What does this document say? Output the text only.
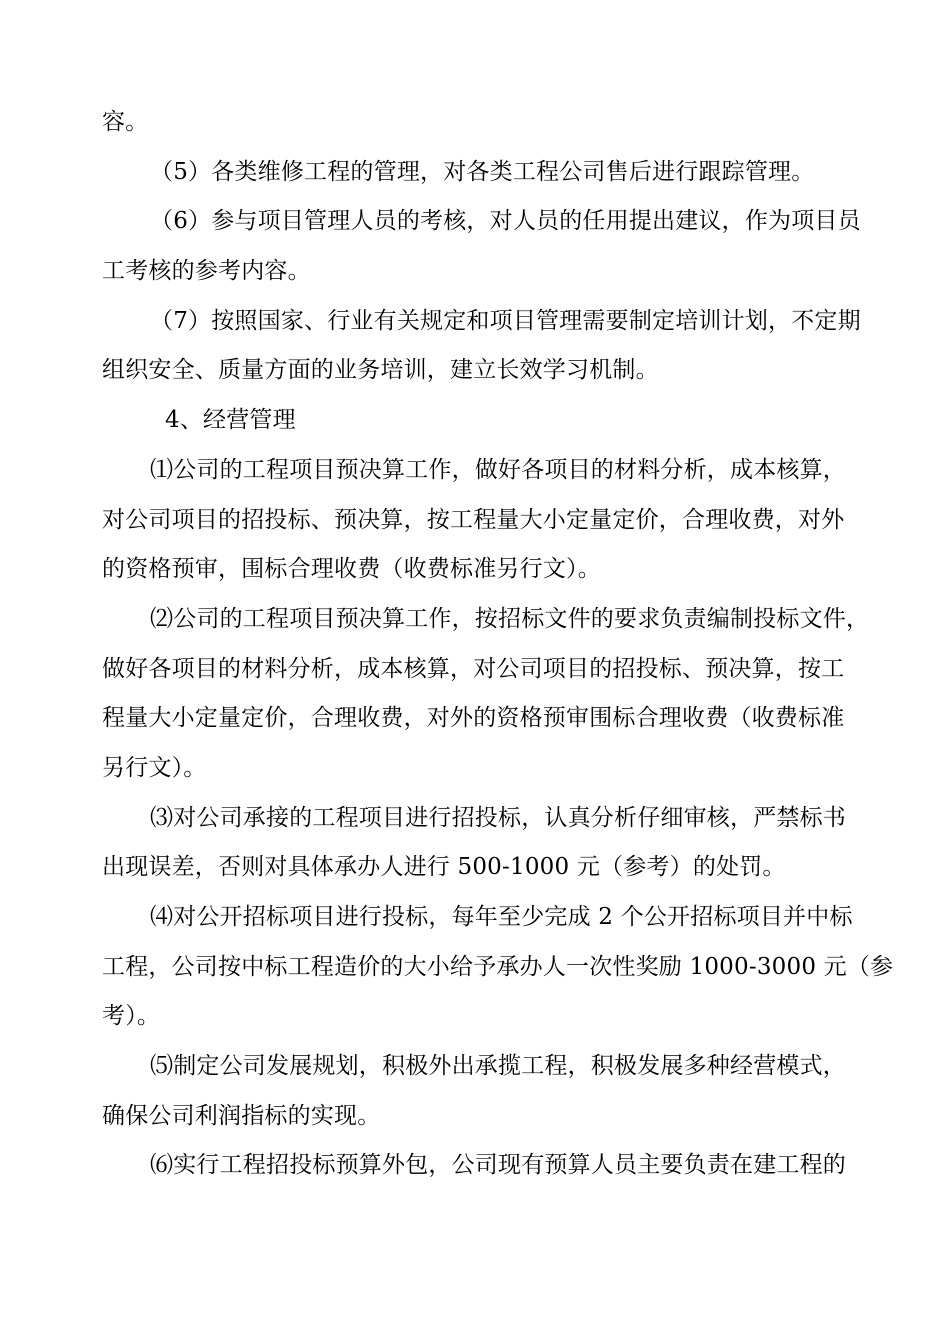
容。
（5）各类维修工程的管理，对各类工程公司售后进行跟踪管理。
（6）参与项目管理人员的考核，对人员的任用提出建议，作为项目员
工考核的参考内容。
（7）按照国家、行业有关规定和项目管理需要制定培训计划，不定期
组织安全、质量方面的业务培训，建立长效学习机制。
4、经营管理
⑴公司的工程项目预决算工作，做好各项目的材料分析，成本核算，
对公司项目的招投标、预决算，按工程量大小定量定价，合理收费，对外
的资格预审，围标合理收费（收费标准另行文）。
⑵公司的工程项目预决算工作，按招标文件的要求负责编制投标文件，
做好各项目的材料分析，成本核算，对公司项目的招投标、预决算，按工
程量大小定量定价，合理收费，对外的资格预审围标合理收费（收费标准
另行文）。
⑶对公司承接的工程项目进行招投标，认真分析仔细审核，严禁标书
出现误差，否则对具体承办人进行 500-1000 元（参考）的处罚。
⑷对公开招标项目进行投标，每年至少完成 2 个公开招标项目并中标
工程，公司按中标工程造价的大小给予承办人一次性奖励 1000-3000 元（参
考）。
⑸制定公司发展规划，积极外出承揽工程，积极发展多种经营模式，
确保公司利润指标的实现。
⑹实行工程招投标预算外包，公司现有预算人员主要负责在建工程的
